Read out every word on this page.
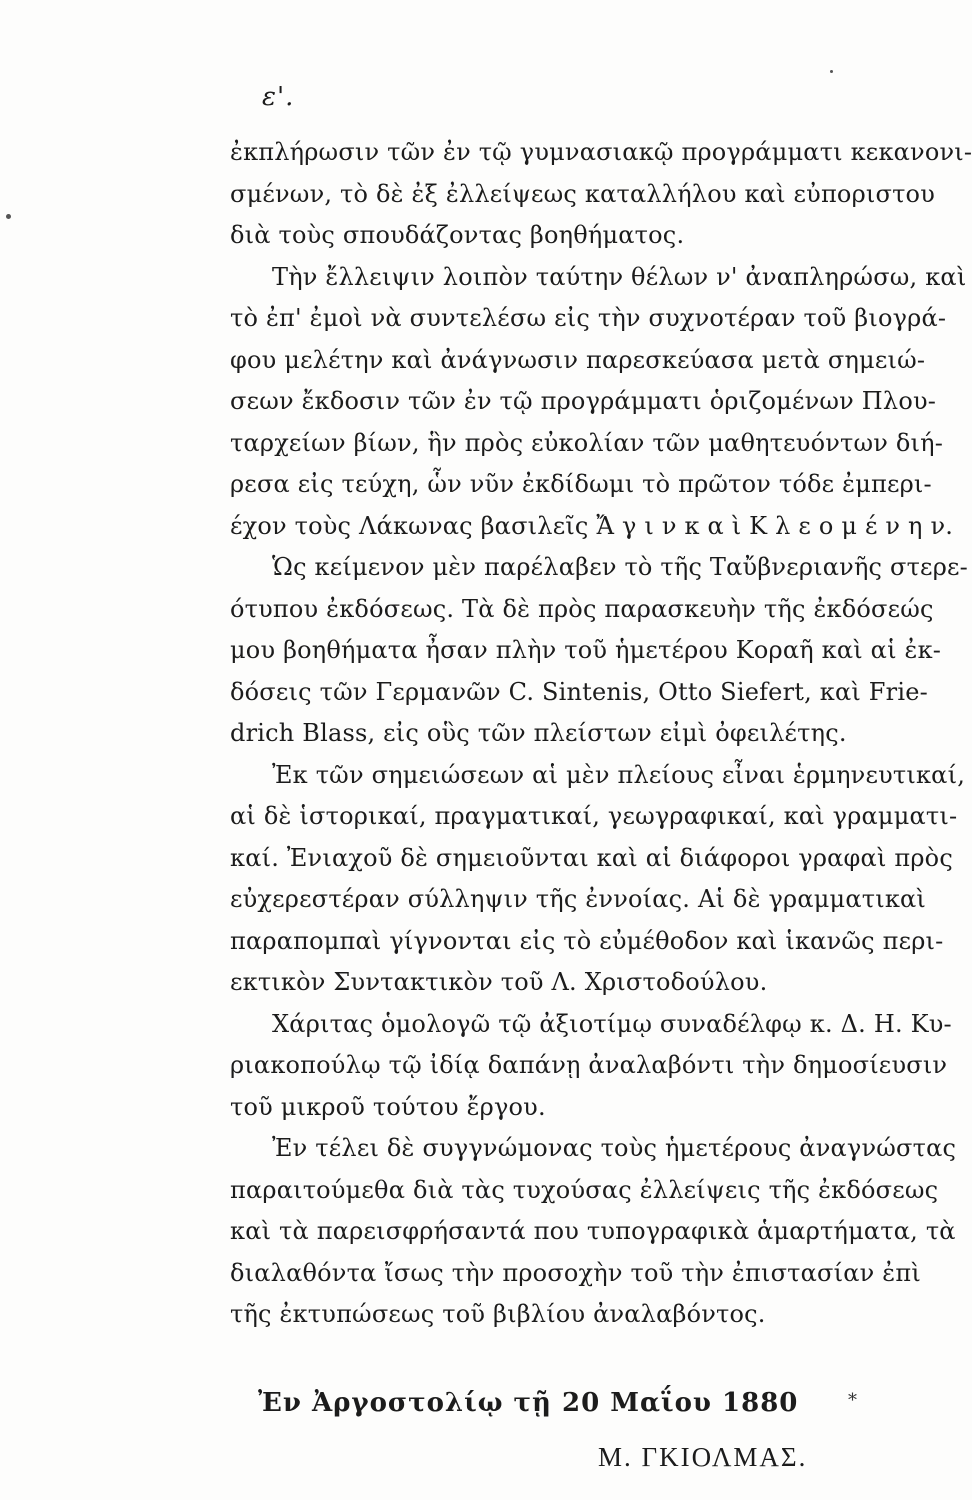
ε'.
ἐκπλήρωσιν τῶν ἐν τῷ γυμνασιακῷ προγράμματι κεκανονι-
σμένων, τὸ δὲ ἐξ ἐλλείψεως καταλλήλου καὶ εὐποριστου
διὰ τοὺς σπουδάζοντας βοηθήματος.
Τὴν ἔλλειψιν λοιπὸν ταύτην θέλων ν' ἀναπληρώσω, καὶ
τὸ ἐπ' ἐμοὶ νὰ συντελέσω εἰς τὴν συχνοτέραν τοῦ βιογρά-
φου μελέτην καὶ ἀνάγνωσιν παρεσκεύασα μετὰ σημειώ-
σεων ἔκδοσιν τῶν ἐν τῷ προγράμματι ὁριζομένων Πλου-
ταρχείων βίων, ἣν πρὸς εὐκολίαν τῶν μαθητευόντων διή-
ρεσα εἰς τεύχη, ὧν νῦν ἐκδίδωμι τὸ πρῶτον τόδε ἐμπερι-
έχον τοὺς Λάκωνας βασιλεῖς Ἄ γ ι ν κ α ὶ Κ λ ε ο μ έ ν η ν.
Ὡς κείμενον μὲν παρέλαβεν τὸ τῆς Ταὔβνεριανῆς στερε-
ότυπου ἐκδόσεως. Τὰ δὲ πρὸς παρασκευὴν τῆς ἐκδόσεώς
μου βοηθήματα ἦσαν πλὴν τοῦ ἡμετέρου Κοραῆ καὶ αἱ ἐκ-
δόσεις τῶν Γερμανῶν C. Sintenis, Otto Siefert, καὶ Frie-
drich Blass, εἰς οὓς τῶν πλείστων εἰμὶ ὀφειλέτης.
Ἐκ τῶν σημειώσεων αἱ μὲν πλείους εἶναι ἑρμηνευτικαί,
αἱ δὲ ἱστορικαί, πραγματικαί, γεωγραφικαί, καὶ γραμματι-
καί. Ἐνιαχοῦ δὲ σημειοῦνται καὶ αἱ διάφοροι γραφαὶ πρὸς
εὐχερεστέραν σύλληψιν τῆς ἐννοίας. Αἱ δὲ γραμματικαὶ
παραπομπαὶ γίγνονται εἰς τὸ εὐμέθοδον καὶ ἱκανῶς περι-
εκτικὸν Συντακτικὸν τοῦ Λ. Χριστοδούλου.
Χάριτας ὁμολογῶ τῷ ἀξιοτίμῳ συναδέλφῳ κ. Δ. Η. Κυ-
ριακοπούλῳ τῷ ἰδίᾳ δαπάνῃ ἀναλαβόντι τὴν δημοσίευσιν
τοῦ μικροῦ τούτου ἔργου.
Ἐν τέλει δὲ συγγνώμονας τοὺς ἡμετέρους ἀναγνώστας
παραιτούμεθα διὰ τὰς τυχούσας ἐλλείψεις τῆς ἐκδόσεως
καὶ τὰ παρεισφρήσαντά που τυπογραφικὰ ἁμαρτήματα, τὰ
διαλαθόντα ἴσως τὴν προσοχὴν τοῦ τὴν ἐπιστασίαν ἐπὶ
τῆς ἐκτυπώσεως τοῦ βιβλίου ἀναλαβόντος.
Ἐν Ἀργοστολίῳ τῇ 20 Μαΐου 1880	*
Μ. ΓΚΙΟΛΜΑΣ.
